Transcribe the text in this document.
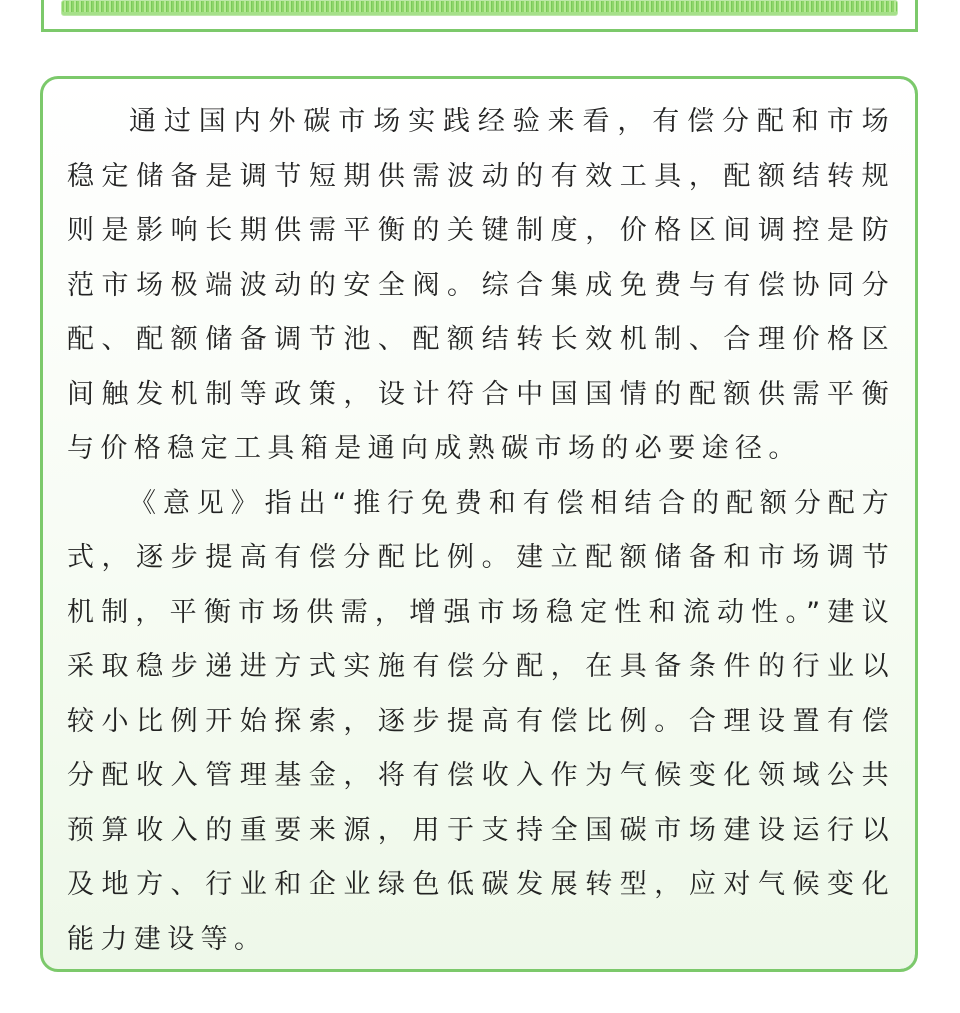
通过国内外碳市场实践经验来看，有偿分配和市场稳定储备是调节短期供需波动的有效工具，配额结转规则是影响长期供需平衡的关键制度，价格区间调控是防范市场极端波动的安全阀。综合集成免费与有偿协同分配、配额储备调节池、配额结转长效机制、合理价格区间触发机制等政策，设计符合中国国情的配额供需平衡与价格稳定工具箱是通向成熟碳市场的必要途径。

《意见》指出“推行免费和有偿相结合的配额分配方式，逐步提高有偿分配比例。建立配额储备和市场调节机制，平衡市场供需，增强市场稳定性和流动性。”建议采取稳步递进方式实施有偿分配，在具备条件的行业以较小比例开始探索，逐步提高有偿比例。合理设置有偿分配收入管理基金，将有偿收入作为气候变化领域公共预算收入的重要来源，用于支持全国碳市场建设运行以及地方、行业和企业绿色低碳发展转型，应对气候变化能力建设等。
